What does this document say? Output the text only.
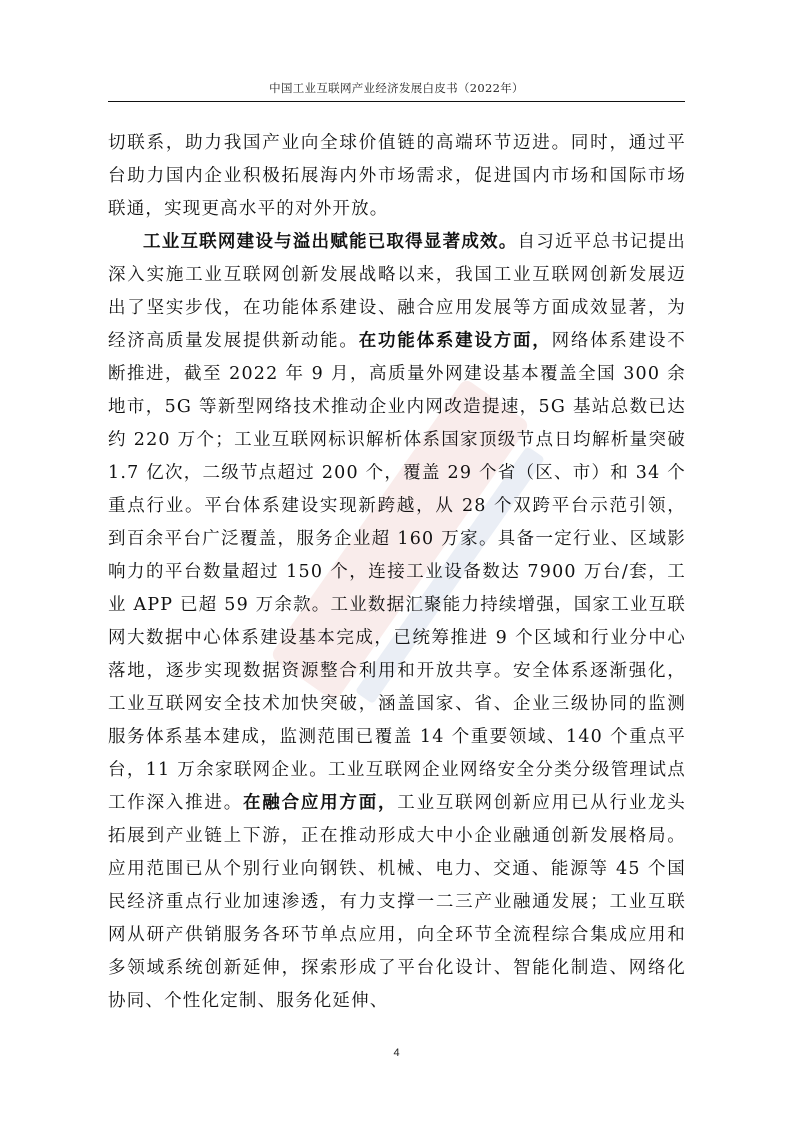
中国工业互联网产业经济发展白皮书（2022年）

切联系，助力我国产业向全球价值链的高端环节迈进。同时，通过平台助力国内企业积极拓展海内外市场需求，促进国内市场和国际市场联通，实现更高水平的对外开放。

工业互联网建设与溢出赋能已取得显著成效。自习近平总书记提出深入实施工业互联网创新发展战略以来，我国工业互联网创新发展迈出了坚实步伐，在功能体系建设、融合应用发展等方面成效显著，为经济高质量发展提供新动能。在功能体系建设方面，网络体系建设不断推进，截至 2022 年 9 月，高质量外网建设基本覆盖全国 300 余地市，5G 等新型网络技术推动企业内网改造提速，5G 基站总数已达约 220 万个；工业互联网标识解析体系国家顶级节点日均解析量突破 1.7 亿次，二级节点超过 200 个，覆盖 29 个省（区、市）和 34 个重点行业。平台体系建设实现新跨越，从 28 个双跨平台示范引领，到百余平台广泛覆盖，服务企业超 160 万家。具备一定行业、区域影响力的平台数量超过 150 个，连接工业设备数达 7900 万台/套，工业 APP 已超 59 万余款。工业数据汇聚能力持续增强，国家工业互联网大数据中心体系建设基本完成，已统筹推进 9 个区域和行业分中心落地，逐步实现数据资源整合利用和开放共享。安全体系逐渐强化，工业互联网安全技术加快突破，涵盖国家、省、企业三级协同的监测服务体系基本建成，监测范围已覆盖 14 个重要领域、140 个重点平台，11 万余家联网企业。工业互联网企业网络安全分类分级管理试点工作深入推进。在融合应用方面，工业互联网创新应用已从行业龙头拓展到产业链上下游，正在推动形成大中小企业融通创新发展格局。应用范围已从个别行业向钢铁、机械、电力、交通、能源等 45 个国民经济重点行业加速渗透，有力支撑一二三产业融通发展；工业互联网从研产供销服务各环节单点应用，向全环节全流程综合集成应用和多领域系统创新延伸，探索形成了平台化设计、智能化制造、网络化协同、个性化定制、服务化延伸、

4
